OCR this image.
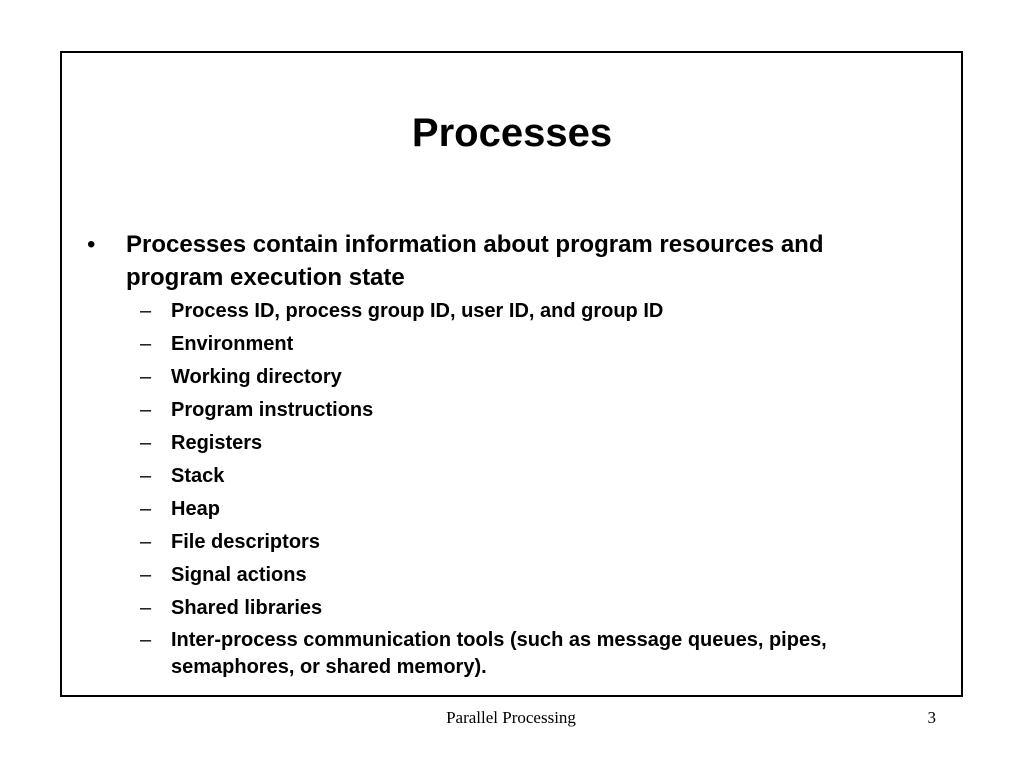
Processes
• Processes contain information about program resources and program execution state
– Process ID, process group ID, user ID, and group ID
– Environment
– Working directory
– Program instructions
– Registers
– Stack
– Heap
– File descriptors
– Signal actions
– Shared libraries
– Inter-process communication tools (such as message queues, pipes, semaphores, or shared memory).
Parallel Processing	3
